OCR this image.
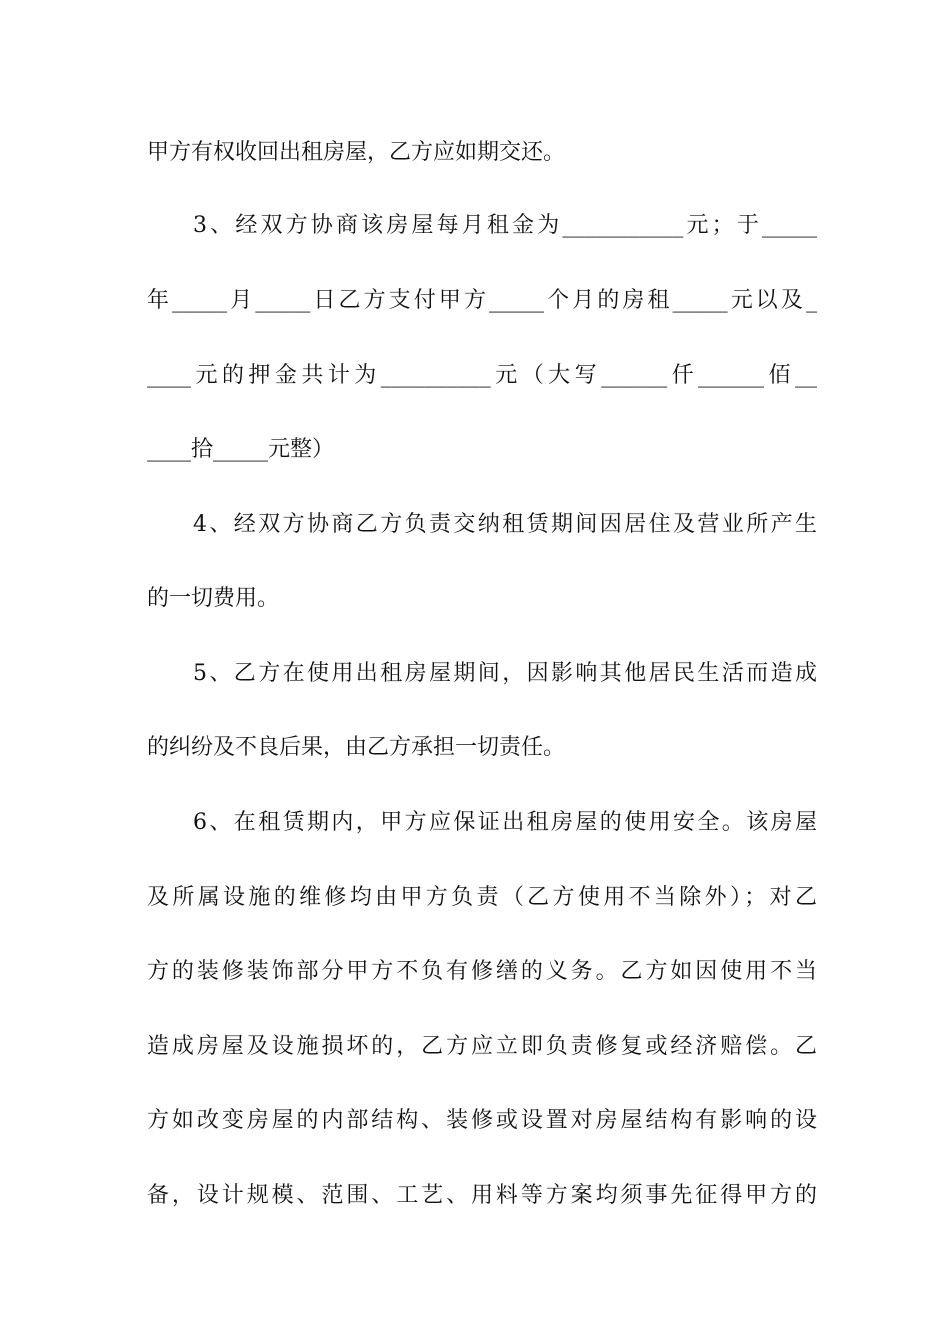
甲方有权收回出租房屋，乙方应如期交还。
3、经双方协商该房屋每月租金为___________元；于_____
年_____月_____日乙方支付甲方_____个月的房租_____元以及_
____元的押金共计为__________元（大写______仟______佰__
____拾_____元整）
4、经双方协商乙方负责交纳租赁期间因居住及营业所产生
的一切费用。
5、乙方在使用出租房屋期间，因影响其他居民生活而造成
的纠纷及不良后果，由乙方承担一切责任。
6、在租赁期内，甲方应保证出租房屋的使用安全。该房屋
及所属设施的维修均由甲方负责（乙方使用不当除外）；对乙
方的装修装饰部分甲方不负有修缮的义务。乙方如因使用不当
造成房屋及设施损坏的，乙方应立即负责修复或经济赔偿。乙
方如改变房屋的内部结构、装修或设置对房屋结构有影响的设
备，设计规模、范围、工艺、用料等方案均须事先征得甲方的
